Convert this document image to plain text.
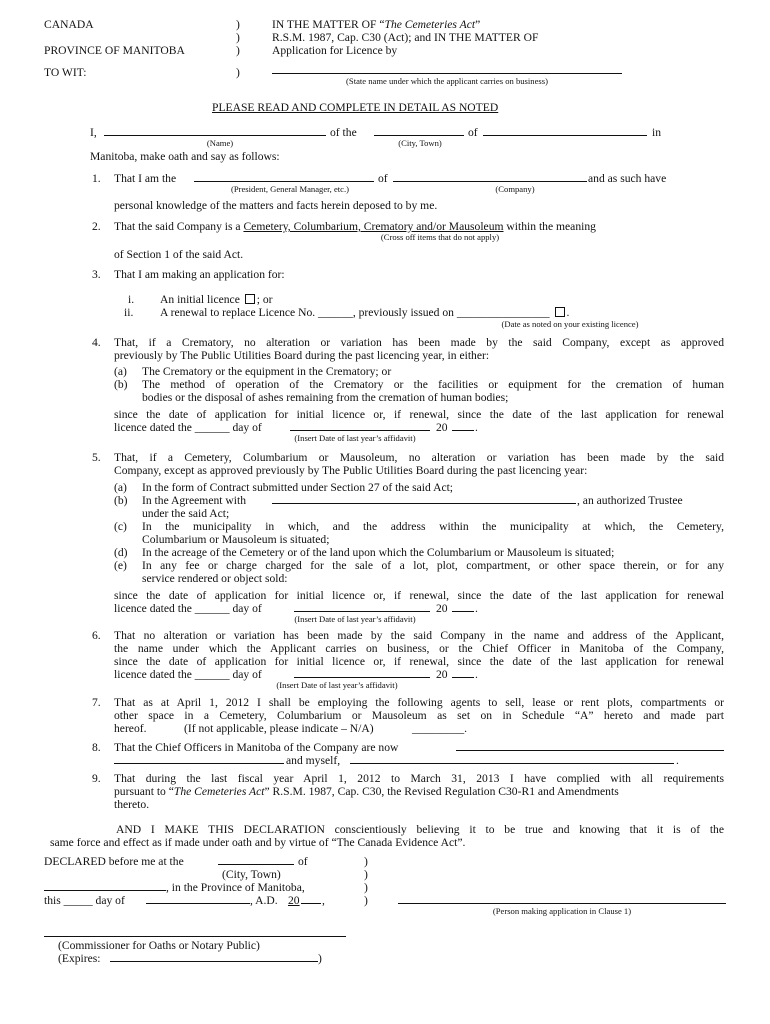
CANADA
PROVINCE OF MANITOBA
TO WIT:
)
)
)
)
IN THE MATTER OF “The Cemeteries Act”
R.S.M. 1987, Cap. C30 (Act); and IN THE MATTER OF
Application for Licence by
(State name under which the applicant carries on business)
PLEASE READ AND COMPLETE IN DETAIL AS NOTED
I,	of the	of	in
(Name)	(City, Town)
Manitoba, make oath and say as follows:
1. That I am the	of	and as such have
(President, General Manager, etc.)	(Company)
personal knowledge of the matters and facts herein deposed to by me.
2. That the said Company is a Cemetery, Columbarium, Crematory and/or Mausoleum within the meaning
(Cross off items that do not apply)
of Section 1 of the said Act.
3. That I am making an application for:
i. An initial licence ; or
ii. A renewal to replace Licence No. ______, previously issued on ________________ .
(Date as noted on your existing licence)
4. That, if a Crematory, no alteration or variation has been made by the said Company, except as approved
previously by The Public Utilities Board during the past licencing year, in either:
(a) The Crematory or the equipment in the Crematory; or
(b) The method of operation of the Crematory or the facilities or equipment for the cremation of human
bodies or the disposal of ashes remaining from the cremation of human bodies;
since the date of application for initial licence or, if renewal, since the date of the last application for renewal
licence dated the ______ day of	20 .
(Insert Date of last year’s affidavit)
5. That, if a Cemetery, Columbarium or Mausoleum, no alteration or variation has been made by the said
Company, except as approved previously by The Public Utilities Board during the past licencing year:
(a) In the form of Contract submitted under Section 27 of the said Act;
(b) In the Agreement with	, an authorized Trustee
under the said Act;
(c) In the municipality in which, and the address within the municipality at which, the Cemetery,
Columbarium or Mausoleum is situated;
(d) In the acreage of the Cemetery or of the land upon which the Columbarium or Mausoleum is situated;
(e) In any fee or charge charged for the sale of a lot, plot, compartment, or other space therein, or for any
service rendered or object sold:
since the date of application for initial licence or, if renewal, since the date of the last application for renewal
licence dated the ______ day of	20 .
(Insert Date of last year’s affidavit)
6. That no alteration or variation has been made by the said Company in the name and address of the Applicant,
the name under which the Applicant carries on business, or the Chief Officer in Manitoba of the Company,
since the date of application for initial licence or, if renewal, since the date of the last application for renewal
licence dated the ______ day of	20 .
(Insert Date of last year’s affidavit)
7. That as at April 1, 2012 I shall be employing the following agents to sell, lease or rent plots, compartments or
other space in a Cemetery, Columbarium or Mausoleum as set on in Schedule “A” hereto and made part
hereof.	(If not applicable, please indicate – N/A)	_________.
8. That the Chief Officers in Manitoba of the Company are now
and myself,	.
9. That during the last fiscal year April 1, 2012 to March 31, 2013 I have complied with all requirements
pursuant to “The Cemeteries Act” R.S.M. 1987, Cap. C30, the Revised Regulation C30-R1 and Amendments
thereto.
AND I MAKE THIS DECLARATION conscientiously believing it to be true and knowing that it is of the
same force and effect as if made under oath and by virtue of “The Canada Evidence Act”.
DECLARED before me at the	of
(City, Town)
, in the Province of Manitoba,
this _____ day of	, A.D. 20 ,
)
)
)
)
(Person making application in Clause 1)
(Commissioner for Oaths or Notary Public)
(Expires:	)
